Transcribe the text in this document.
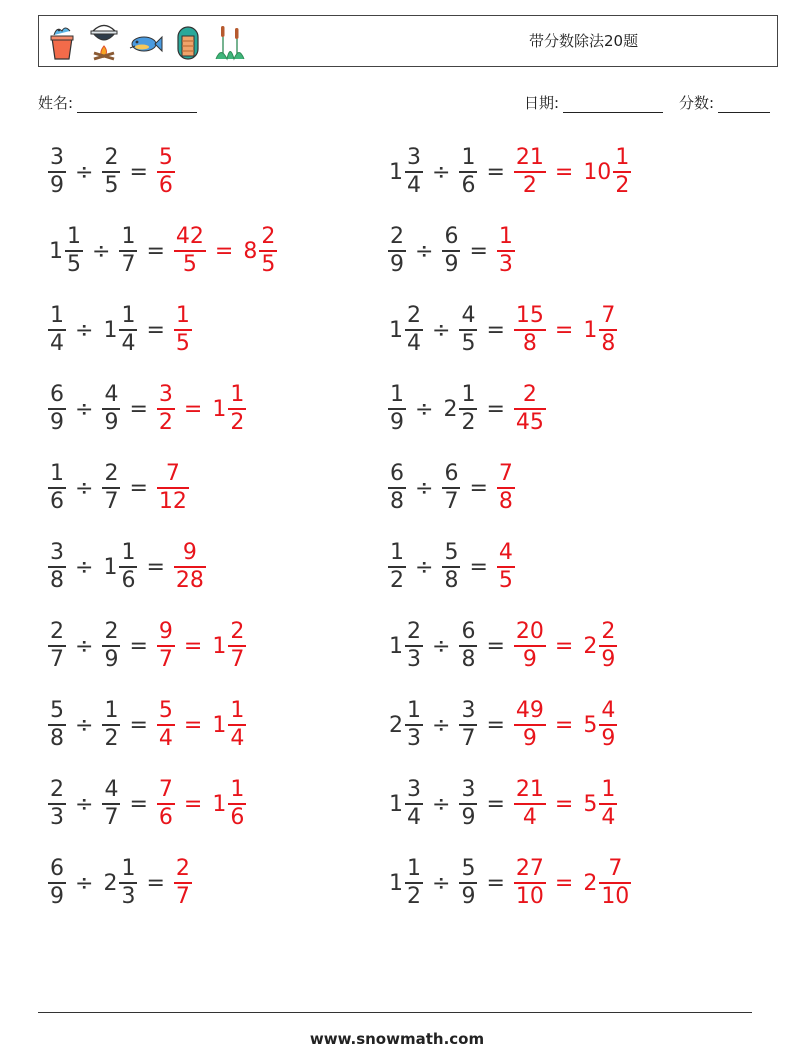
带分数除法20题
姓名:	日期:	分数:
$\frac{3}{9} \div \frac{2}{5} = \frac{5}{6}$
$1 \frac{1}{5} \div \frac{1}{7} = \frac{42}{5} = 8 \frac{2}{5}$
$\frac{1}{4} \div 1 \frac{1}{4} = \frac{1}{5}$
$\frac{6}{9} \div \frac{4}{9} = \frac{3}{2} = 1 \frac{1}{2}$
$\frac{1}{6} \div \frac{2}{7} = \frac{7}{12}$
$\frac{3}{8} \div 1 \frac{1}{6} = \frac{9}{28}$
$\frac{2}{7} \div \frac{2}{9} = \frac{9}{7} = 1 \frac{2}{7}$
$\frac{5}{8} \div \frac{1}{2} = \frac{5}{4} = 1 \frac{1}{4}$
$\frac{2}{3} \div \frac{4}{7} = \frac{7}{6} = 1 \frac{1}{6}$
$\frac{6}{9} \div 2 \frac{1}{3} = \frac{2}{7}$
$1 \frac{3}{4} \div \frac{1}{6} = \frac{21}{2} = 10 \frac{1}{2}$
$\frac{2}{9} \div \frac{6}{9} = \frac{1}{3}$
$1 \frac{2}{4} \div \frac{4}{5} = \frac{15}{8} = 1 \frac{7}{8}$
$\frac{1}{9} \div 2 \frac{1}{2} = \frac{2}{45}$
$\frac{6}{8} \div \frac{6}{7} = \frac{7}{8}$
$\frac{1}{2} \div \frac{5}{8} = \frac{4}{5}$
$1 \frac{2}{3} \div \frac{6}{8} = \frac{20}{9} = 2 \frac{2}{9}$
$2 \frac{1}{3} \div \frac{3}{7} = \frac{49}{9} = 5 \frac{4}{9}$
$1 \frac{3}{4} \div \frac{3}{9} = \frac{21}{4} = 5 \frac{1}{4}$
$1 \frac{1}{2} \div \frac{5}{9} = \frac{27}{10} = 2 \frac{7}{10}$
www.snowmath.com
